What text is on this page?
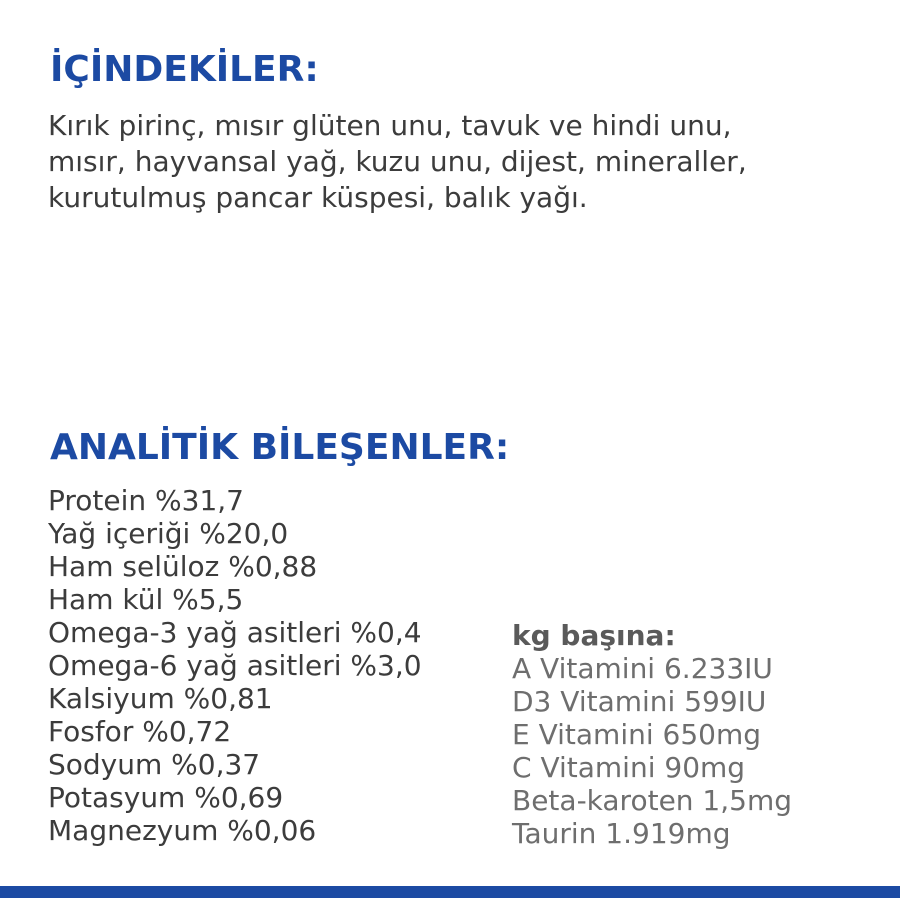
İÇİNDEKİLER:

Kırık pirinç, mısır glüten unu, tavuk ve hindi unu,
mısır, hayvansal yağ, kuzu unu, dijest, mineraller,
kurutulmuş pancar küspesi, balık yağı.

ANALİTİK BİLEŞENLER:
Protein %31,7
Yağ içeriği %20,0
Ham selüloz %0,88
Ham kül %5,5
Omega-3 yağ asitleri %0,4
Omega-6 yağ asitleri %3,0
Kalsiyum %0,81
Fosfor %0,72
Sodyum %0,37
Potasyum %0,69
Magnezyum %0,06
kg başına:
A Vitamini 6.233IU
D3 Vitamini 599IU
E Vitamini 650mg
C Vitamini 90mg
Beta-karoten 1,5mg
Taurin 1.919mg
